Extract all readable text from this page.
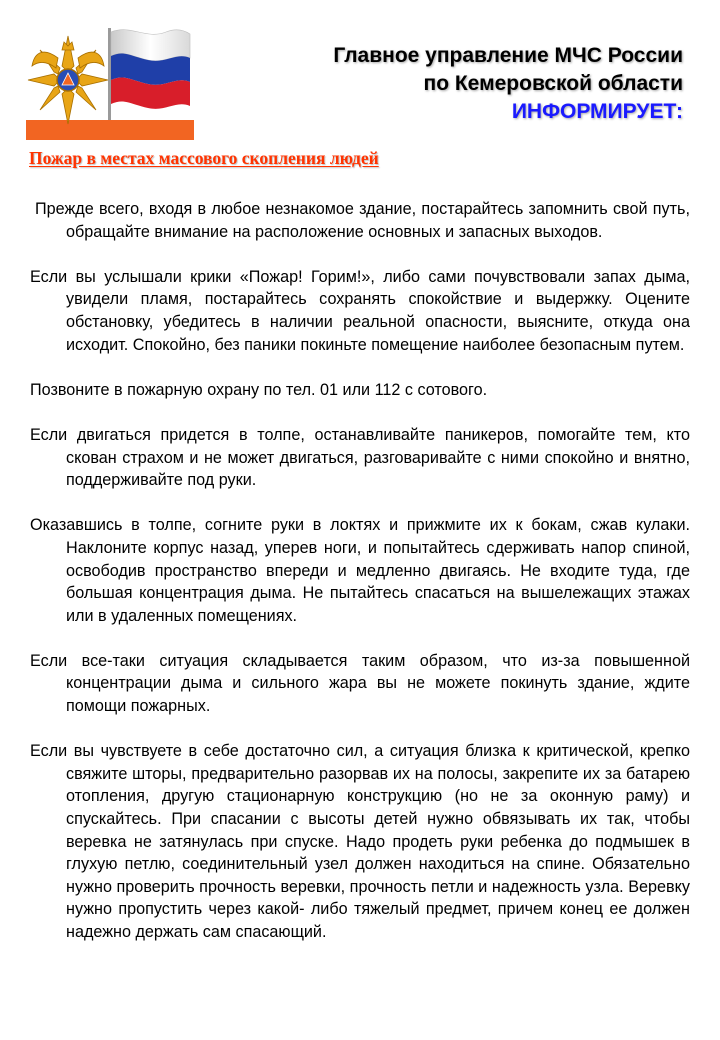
Главное управление МЧС России
по Кемеровской области
ИНФОРМИРУЕТ:
Пожар в местах массового скопления людей

Прежде всего, входя в любое незнакомое здание, постарайтесь запомнить свой путь, обращайте внимание на расположение основных и запасных выходов.

Если вы услышали крики «Пожар! Горим!», либо сами почувствовали запах дыма, увидели пламя, постарайтесь сохранять спокойствие и выдержку. Оцените обстановку, убедитесь в наличии реальной опасности, выясните, откуда она исходит. Спокойно, без паники покиньте помещение наиболее безопасным путем.

Позвоните в пожарную охрану по тел. 01 или 112 с сотового.

Если двигаться придется в толпе, останавливайте паникеров, помогайте тем, кто скован страхом и не может двигаться, разговаривайте с ними спокойно и внятно, поддерживайте под руки.

Оказавшись в толпе, согните руки в локтях и прижмите их к бокам, сжав кулаки. Наклоните корпус назад, уперев ноги, и попытайтесь сдерживать напор спиной, освободив пространство впереди и медленно двигаясь. Не входите туда, где большая концентрация дыма. Не пытайтесь спасаться на вышележащих этажах или в удаленных помещениях.

Если все-таки ситуация складывается таким образом, что из-за повышенной концентрации дыма и сильного жара вы не можете покинуть здание, ждите помощи пожарных.

Если вы чувствуете в себе достаточно сил, а ситуация близка к критической, крепко свяжите шторы, предварительно разорвав их на полосы, закрепите их за батарею отопления, другую стационарную конструкцию (но не за оконную раму) и спускайтесь. При спасании с высоты детей нужно обвязывать их так, чтобы веревка не затянулась при спуске. Надо продеть руки ребенка до подмышек в глухую петлю, соединительный узел должен находиться на спине. Обязательно нужно проверить прочность веревки, прочность петли и надежность узла. Веревку нужно пропустить через какой- либо тяжелый предмет, причем конец ее должен надежно держать сам спасающий.
